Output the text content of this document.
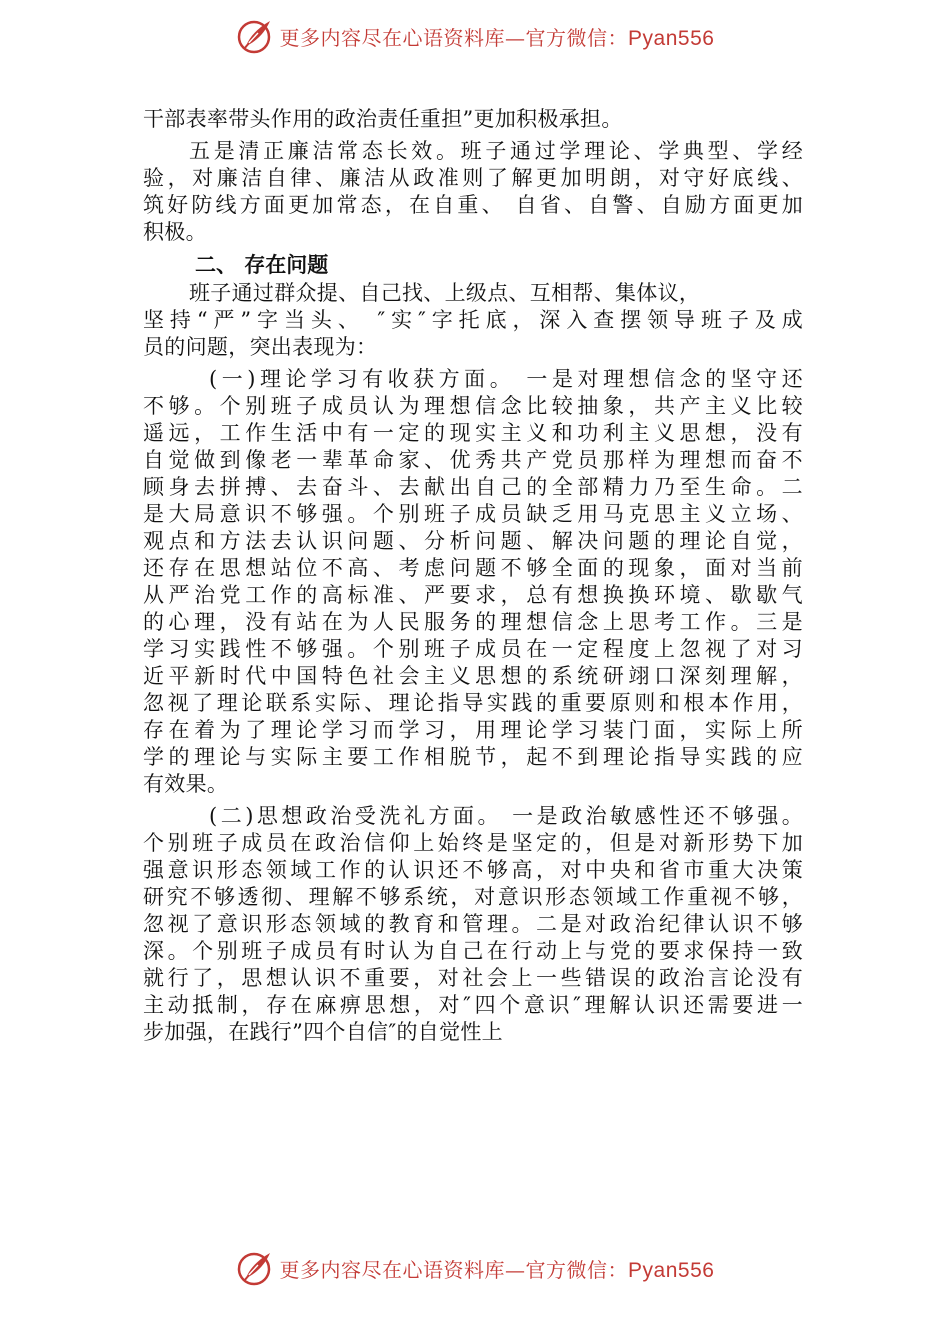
更多内容尽在心语资料库—官方微信：Pyan556
干部表率带头作用的政治责任重担”更加积极承担。
五是清正廉洁常态长效。班子通过学理论、学典型、学经
验，对廉洁自律、廉洁从政准则了解更加明朗，对守好底线、
筑好防线方面更加常态，在自重、 自省、自警、自励方面更加
积极。
二、 存在问题
班子通过群众提、自己找、上级点、互相帮、集体议，
坚持“严”字当头、 ″实″字托底，深入查摆领导班子及成
员的问题，突出表现为：
(一)理论学习有收获方面。 一是对理想信念的坚守还
不够。个别班子成员认为理想信念比较抽象，共产主义比较
遥远，工作生活中有一定的现实主义和功利主义思想，没有
自觉做到像老一辈革命家、优秀共产党员那样为理想而奋不
顾身去拼搏、去奋斗、去献出自己的全部精力乃至生命。二
是大局意识不够强。个别班子成员缺乏用马克思主义立场、
观点和方法去认识问题、分析问题、解决问题的理论自觉，
还存在思想站位不高、考虑问题不够全面的现象，面对当前
从严治党工作的高标准、严要求，总有想换换环境、歇歇气
的心理，没有站在为人民服务的理想信念上思考工作。三是
学习实践性不够强。个别班子成员在一定程度上忽视了对习
近平新时代中国特色社会主义思想的系统研翊口深刻理解，
忽视了理论联系实际、理论指导实践的重要原则和根本作用，
存在着为了理论学习而学习，用理论学习装门面，实际上所
学的理论与实际主要工作相脱节，起不到理论指导实践的应
有效果。
(二)思想政治受洗礼方面。 一是政治敏感性还不够强。
个别班子成员在政治信仰上始终是坚定的，但是对新形势下加
强意识形态领域工作的认识还不够高，对中央和省市重大决策
研究不够透彻、理解不够系统，对意识形态领域工作重视不够，
忽视了意识形态领域的教育和管理。二是对政治纪律认识不够
深。个别班子成员有时认为自己在行动上与党的要求保持一致
就行了，思想认识不重要，对社会上一些错误的政治言论没有
主动抵制，存在麻痹思想，对″四个意识″理解认识还需要进一
步加强，在践行”四个自信″的自觉性上
更多内容尽在心语资料库—官方微信：Pyan556
